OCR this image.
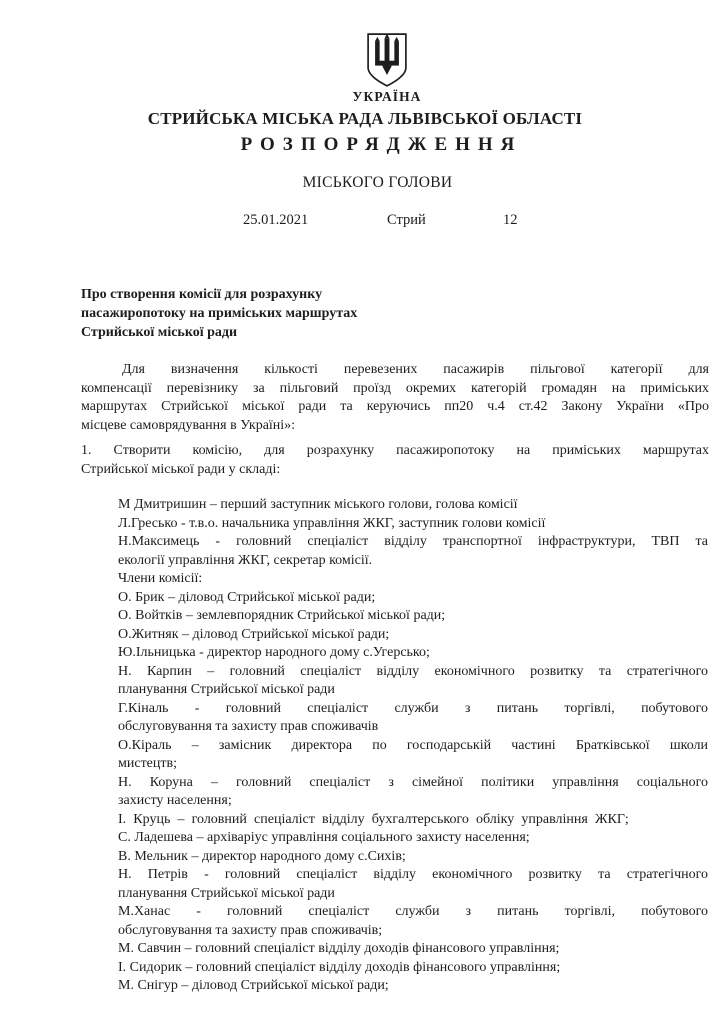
УКРАЇНА
СТРИЙСЬКА МІСЬКА РАДА ЛЬВІВСЬКОЇ ОБЛАСТІ
РОЗПОРЯДЖЕННЯ
МІСЬКОГО ГОЛОВИ
25.01.2021	Стрий	12
Про створення комісії для розрахунку
пасажиропотоку на приміських маршрутах
Стрийської міської ради
Для визначення кількості перевезених пасажирів пільгової категорії для
компенсації перевізнику за пільговий проїзд окремих категорій громадян на приміських
маршрутах Стрийської міської ради та керуючись пп20 ч.4 ст.42 Закону України «Про
місцеве самоврядування в Україні»:
1. Створити комісію, для розрахунку пасажиропотоку на приміських маршрутах
Стрийської міської ради у складі:
М Дмитришин – перший заступник міського голови, голова комісії
Л.Гресько - т.в.о. начальника управління ЖКГ, заступник голови комісії
Н.Максимець - головний спеціаліст відділу транспортної інфраструктури, ТВП та
екології управління ЖКГ, секретар комісії.
Члени комісії:
О. Брик – діловод Стрийської міської ради;
О. Войтків – землевпорядник Стрийської міської ради;
О.Житняк – діловод Стрийської міської ради;
Ю.Ільницька - директор народного дому с.Угерсько;
Н. Карпин – головний спеціаліст відділу економічного розвитку та стратегічного
планування Стрийської міської ради
Г.Кіналь - головний спеціаліст служби з питань торгівлі, побутового
обслуговування та захисту прав споживачів
О.Кіраль – замісник директора по господарській частині Братківської школи
мистецтв;
Н. Коруна – головний спеціаліст з сімейної політики управління соціального
захисту населення;
І. Круць – головний спеціаліст відділу бухгалтерського обліку управління ЖКГ;
С. Ладешева – архіваріус управління соціального захисту населення;
В. Мельник – директор народного дому с.Сихів;
Н. Петрів - головний спеціаліст відділу економічного розвитку та стратегічного
планування Стрийської міської ради
М.Ханас - головний спеціаліст служби з питань торгівлі, побутового
обслуговування та захисту прав споживачів;
М. Савчин – головний спеціаліст відділу доходів фінансового управління;
І. Сидорик – головний спеціаліст відділу доходів фінансового управління;
М. Снігур – діловод Стрийської міської ради;
